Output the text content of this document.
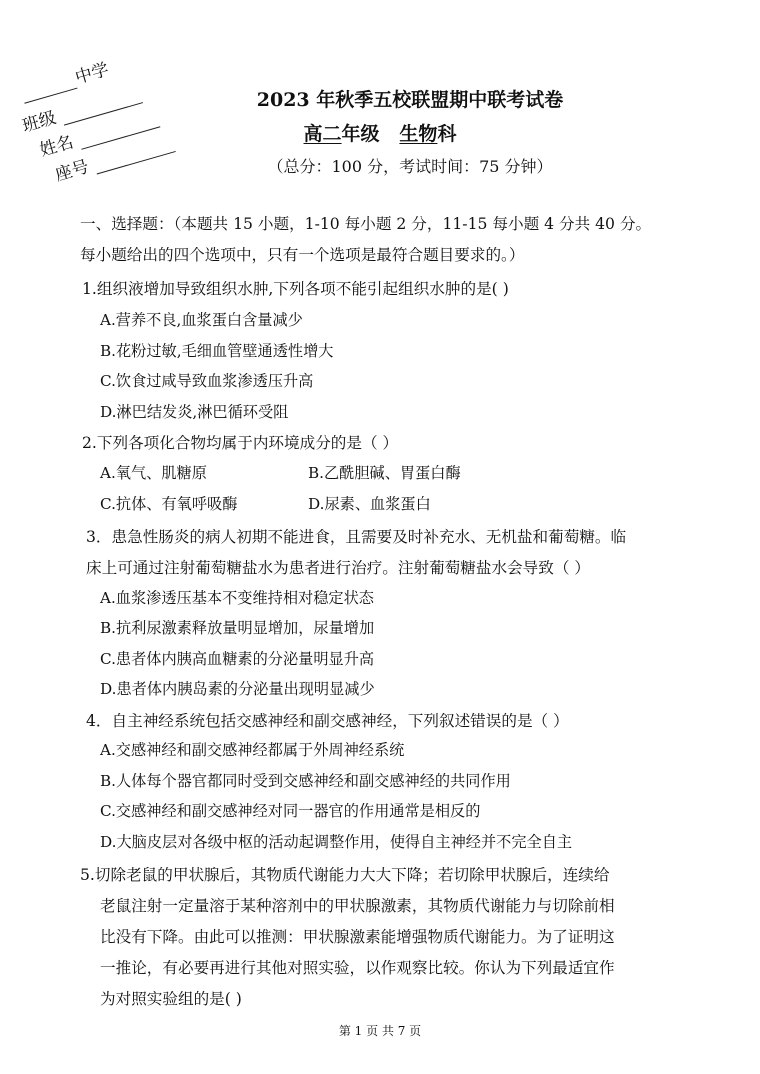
中学
班级
姓名
座号
2023 年秋季五校联盟期中联考试卷
高二年级 生物科
（总分：100 分，考试时间：75 分钟）
一、选择题：（本题共 15 小题，1-10 每小题 2 分，11-15 每小题 4 分共 40 分。
每小题给出的四个选项中，只有一个选项是最符合题目要求的。）
1.组织液增加导致组织水肿,下列各项不能引起组织水肿的是( )
A.营养不良,血浆蛋白含量减少
B.花粉过敏,毛细血管壁通透性增大
C.饮食过咸导致血浆渗透压升高
D.淋巴结发炎,淋巴循环受阻
2.下列各项化合物均属于内环境成分的是（ ）
A.氧气、肌糖原	B.乙酰胆碱、胃蛋白酶
C.抗体、有氧呼吸酶	D.尿素、血浆蛋白
3．患急性肠炎的病人初期不能进食，且需要及时补充水、无机盐和葡萄糖。临
床上可通过注射葡萄糖盐水为患者进行治疗。注射葡萄糖盐水会导致（ ）
A.血浆渗透压基本不变维持相对稳定状态
B.抗利尿激素释放量明显增加，尿量增加
C.患者体内胰高血糖素的分泌量明显升高
D.患者体内胰岛素的分泌量出现明显减少
4．自主神经系统包括交感神经和副交感神经，下列叙述错误的是（ ）
A.交感神经和副交感神经都属于外周神经系统
B.人体每个器官都同时受到交感神经和副交感神经的共同作用
C.交感神经和副交感神经对同一器官的作用通常是相反的
D.大脑皮层对各级中枢的活动起调整作用，使得自主神经并不完全自主
5.切除老鼠的甲状腺后，其物质代谢能力大大下降；若切除甲状腺后，连续给
老鼠注射一定量溶于某种溶剂中的甲状腺激素，其物质代谢能力与切除前相
比没有下降。由此可以推测：甲状腺激素能增强物质代谢能力。为了证明这
一推论，有必要再进行其他对照实验，以作观察比较。你认为下列最适宜作
为对照实验组的是( )
第 1 页 共 7 页
